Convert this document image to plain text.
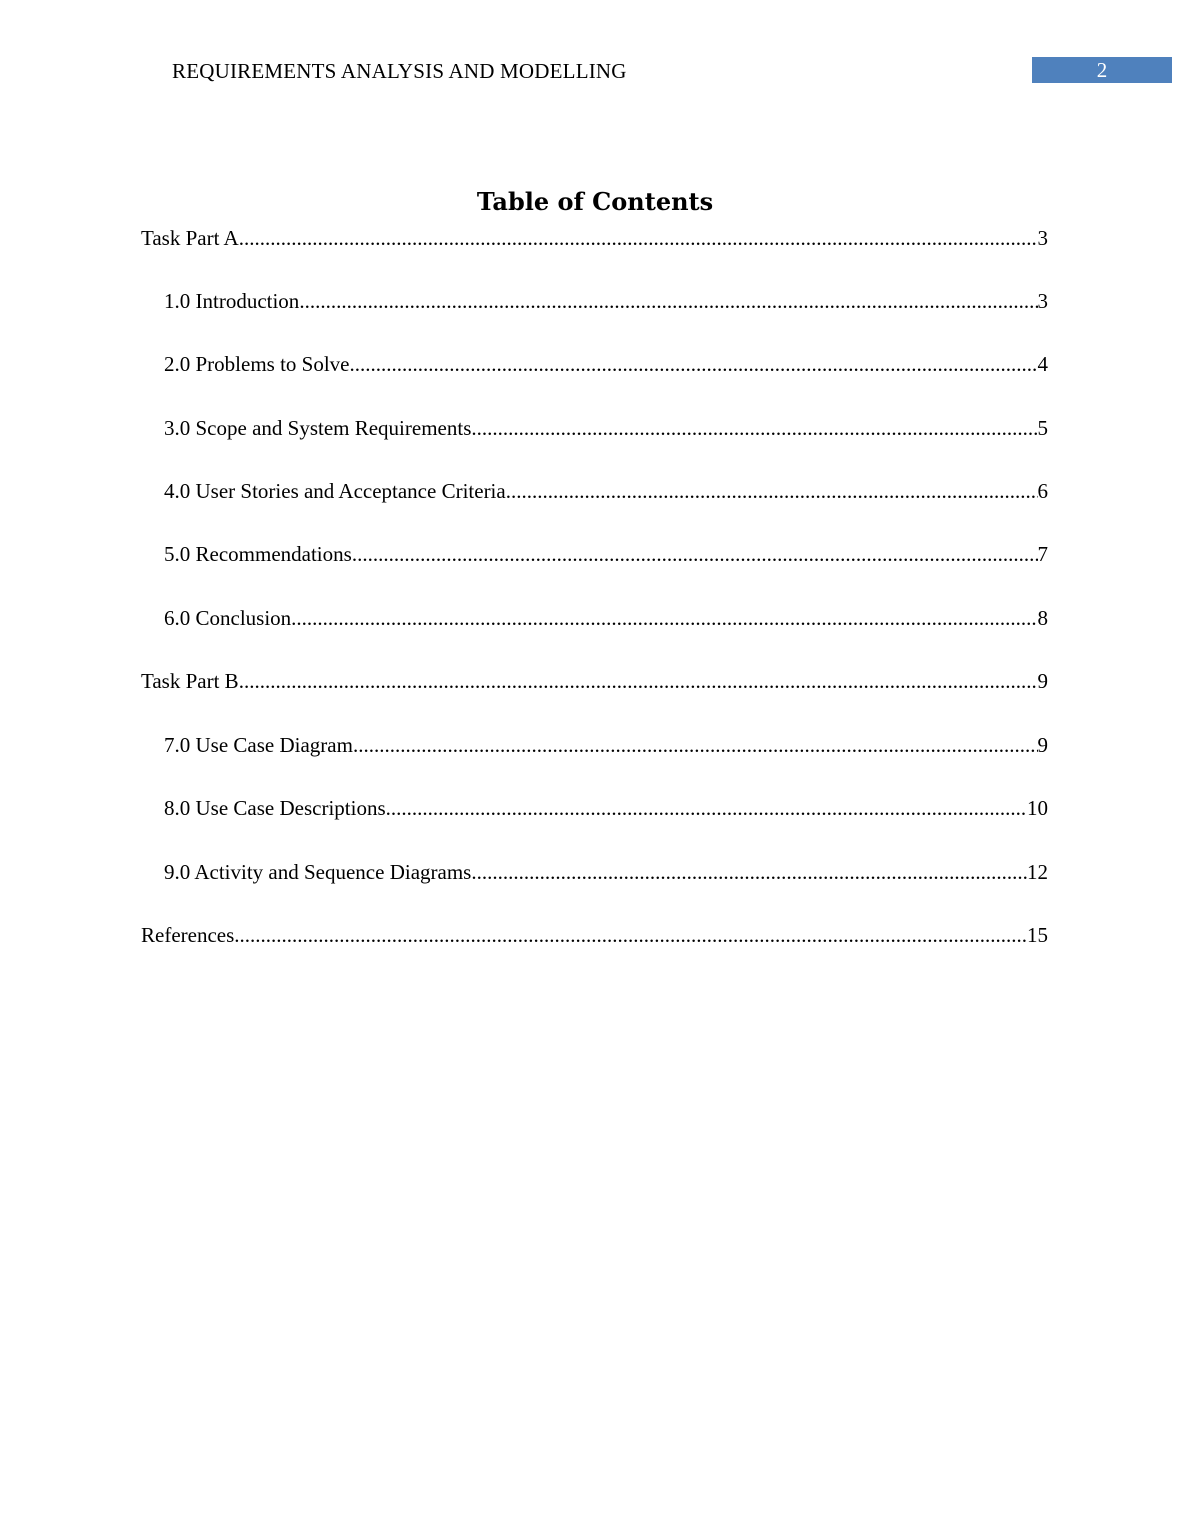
REQUIREMENTS ANALYSIS AND MODELLING	2
Table of Contents
Task Part A .....	3
1.0 Introduction .....	3
2.0 Problems to Solve .....	4
3.0 Scope and System Requirements .....	5
4.0 User Stories and Acceptance Criteria .....	6
5.0 Recommendations .....	7
6.0 Conclusion .....	8
Task Part B .....	9
7.0 Use Case Diagram .....	9
8.0 Use Case Descriptions .....	10
9.0 Activity and Sequence Diagrams .....	12
References .....	15
